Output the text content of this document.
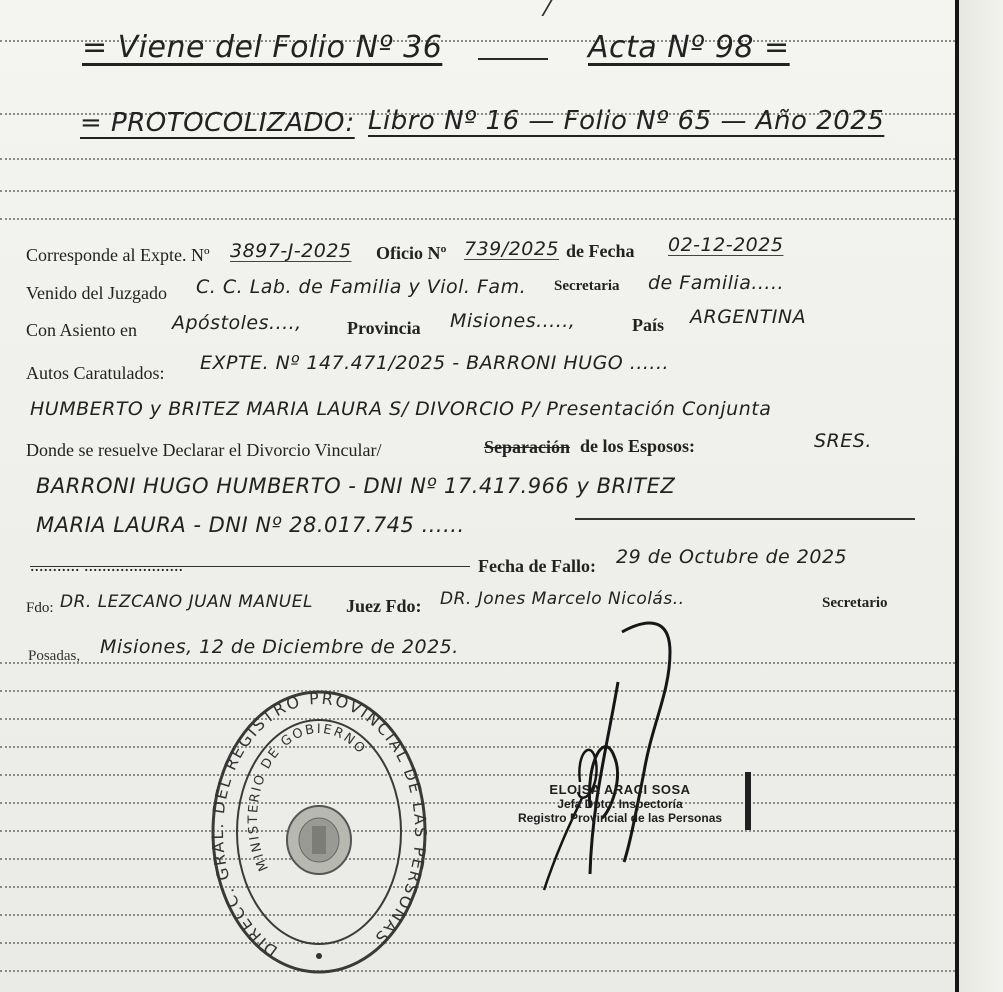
= Viene del Folio Nº 36	Acta Nº 98 =
= PROTOCOLIZADO: Libro Nº 16 — Folio Nº 65 — Año 2025
Corresponde al Expte. Nº 3897-J-2025 Oficio Nº 739/2025 de Fecha 02-12-2025
Venido del Juzgado C. C. Lab. de Familia y Viol. Fam. Secretaria de Familia.....
Con Asiento en Apóstoles....,	Provincia Misiones.....,	País ARGENTINA
Autos Caratulados: EXPTE. Nº 147.471/2025 - BARRONI HUGO ......
HUMBERTO y BRITEZ MARIA LAURA S/ DIVORCIO P/ Presentación Conjunta
Donde se resuelve Declarar el Divorcio Vincular/	Separación de los Esposos:	SRES.
BARRONI HUGO HUMBERTO - DNI Nº 17.417.966 y BRITEZ
MARIA LAURA - DNI Nº 28.017.745 ......
........... ......................	Fecha de Fallo: 29 de Octubre de 2025
Fdo: DR. LEZCANO JUAN MANUEL Juez Fdo: DR. Jones Marcelo Nicolás..	Secretario
Posadas, Misiones, 12 de Diciembre de 2025.
DIRECC. GRAL. DEL REGISTRO PROVINCIAL DE LAS PERSONAS
MINISTERIO DE GOBIERNO
ELOISA ARACI SOSA
Jefa Dpto. Inspectoría
Registro Provincial de las Personas
